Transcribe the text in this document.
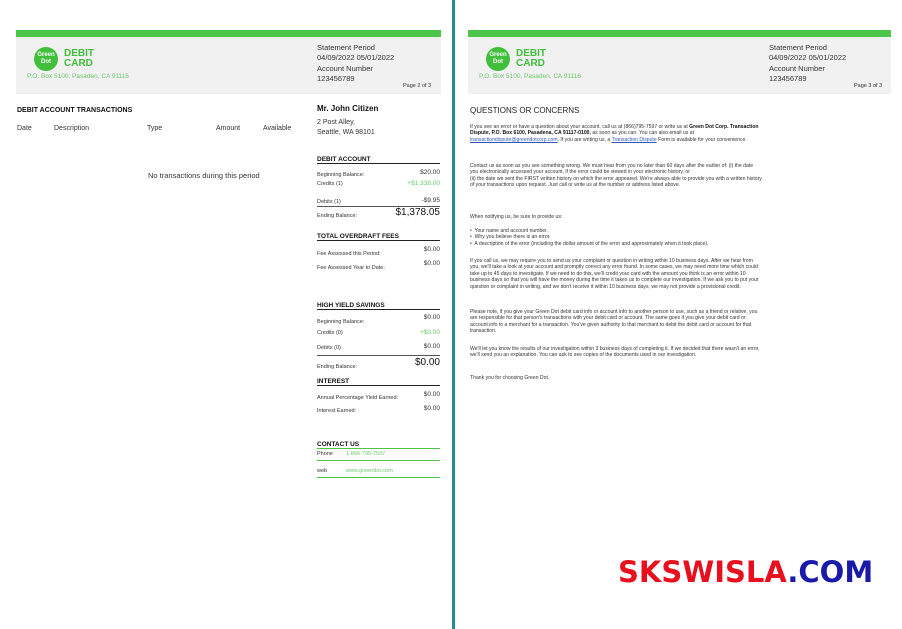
Green
Dot
DEBIT
CARD
P.O. Box 5100, Pasaden, CA 91116
Statement Period
04/09/2022 05/01/2022
Account Number
123456789
Page 2 of 3
DEBIT ACCOUNT TRANSACTIONS
Date	Description	Type	Amount	Available
No transactions during this period
Mr. John Citizen
2 Post Alley,
Seattle, WA 98101
DEBIT ACCOUNT
Beginning Balance:	$20.00
Credits (1)	+$1,338.00
Debits (1)	-$9.95
Ending Balance:	$1,378.05
TOTAL OVERDRAFT FEES
Fee Assessed this Period:
$0.00
Fee Assessed Year to Date:
$0.00
HIGH YIELD SAVINGS
Beginning Balance:
$0.00
Credits (0)	+$0.00
Debits (0)	$0.00
Ending Balance:	$0.00
INTEREST
Annual Percentage Yield Earned:	$0.00
Interest Earned:	$0.00
CONTACT US
Phone 1-866-795-7597
web	www.greendot.com
Green
Dot
DEBIT
CARD
P.O. Box 5100, Pasaden, CA 91116
Statement Period
04/09/2022 05/01/2022
Account Number
123456789
Page 3 of 3
QUESTIONS OR CONCERNS
If you see an error or have a question about your account, call us at (866)795-7597 or write us at Green Dot Corp. Transaction Dispute, P.O. Box 6100, Pasadena, CA 91117-0100, as soon as you can. You can also email us at transactiondispute@greendotcorp.com. If you are writing us, a Transaction Dispute Form is available for your convenience.
Contact us as soon as you see something wrong. We must hear from you no later than 60 days after the earlier of: (i) the date you electronically accessed your account, if the error could be viewed in your electronic history, or
(ii) the date we sent the FIRST written history on which the error appeared. We're always able to provide you with a written history of your transactions upon request. Just call or write us at the number or address listed above.
When notifying us, be sure to provide us:
•  Your name and account number.
•  Why you believe there is an error.
•  A description of the error (including the dollar amount of the error and approximately when it took place).
If you call us, we may require you to send us your complaint or question in writing within 10 business days. After we hear from you, we'll take a look at your account and promptly correct any error found. In some cases, we may need more time which could take up to 45 days to investigate. If we need to do this, we'll credit your card with the amount you think is an error within 10 business days so that you will have the money during the time it takes us to complete our investigation. If we ask you to put your question or complaint in writing, and we don't receive it within 10 business days, we may not provide a provisional credit.
Please note, if you give your Green Dot debit card info or account info to another person to use, such as a friend or relative, you are responsible for that person's transactions with your debit card or account. The same goes if you give your debit card or account info to a merchant for a transaction. You've given authority to that merchant to debit the debit card or account for that transaction.
We'll let you know the results of our investigation within 3 business days of completing it. If we decided that there wasn't an error, we'll send you an explanation. You can ask to see copies of the documents used in our investigation.
Thank you for choosing Green Dot.
SKSWISLA.COM
